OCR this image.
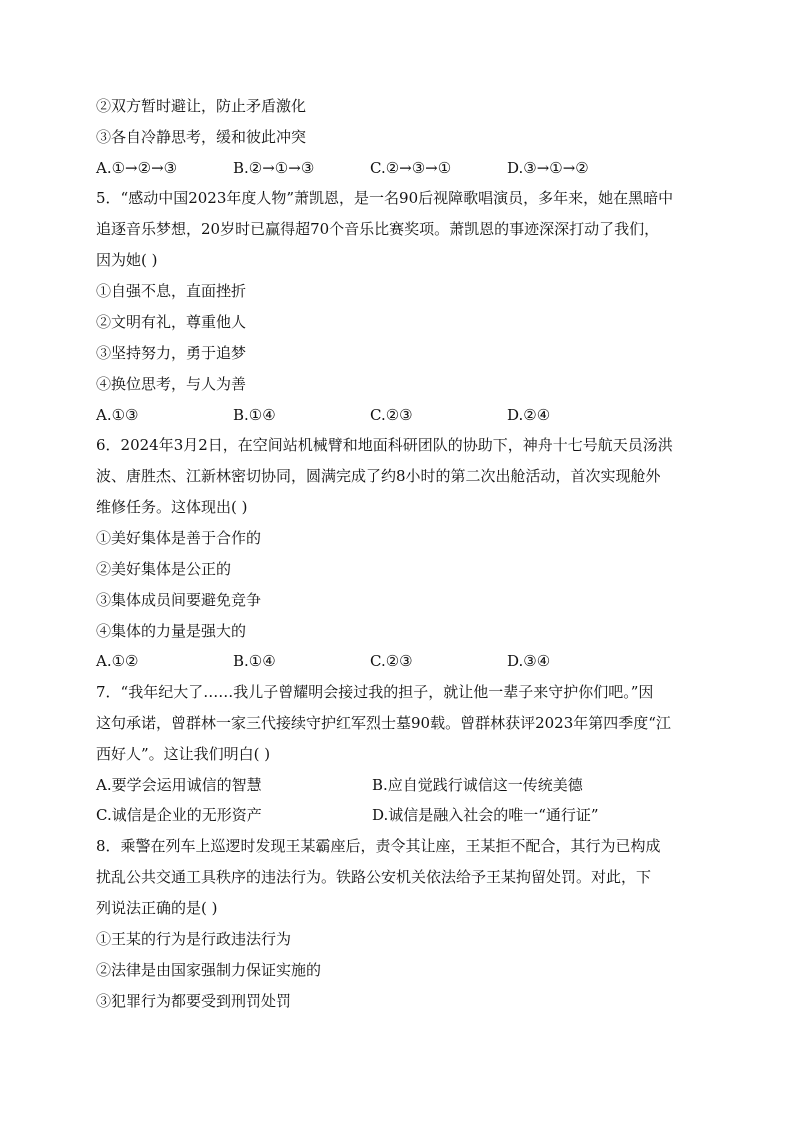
②双方暂时避让，防止矛盾激化
③各自冷静思考，缓和彼此冲突
A.①→②→③	B.②→①→③	C.②→③→①	D.③→①→②
5．“感动中国2023年度人物”萧凯恩，是一名90后视障歌唱演员，多年来，她在黑暗中
追逐音乐梦想，20岁时已赢得超70个音乐比赛奖项。萧凯恩的事迹深深打动了我们，
因为她( )
①自强不息，直面挫折
②文明有礼，尊重他人
③坚持努力，勇于追梦
④换位思考，与人为善
A.①③	B.①④	C.②③	D.②④
6．2024年3月2日，在空间站机械臂和地面科研团队的协助下，神舟十七号航天员汤洪
波、唐胜杰、江新林密切协同，圆满完成了约8小时的第二次出舱活动，首次实现舱外
维修任务。这体现出( )
①美好集体是善于合作的
②美好集体是公正的
③集体成员间要避免竞争
④集体的力量是强大的
A.①②	B.①④	C.②③	D.③④
7．“我年纪大了……我儿子曾耀明会接过我的担子，就让他一辈子来守护你们吧。”因
这句承诺，曾群林一家三代接续守护红军烈士墓90载。曾群林获评2023年第四季度“江
西好人”。这让我们明白( )
A.要学会运用诚信的智慧	B.应自觉践行诚信这一传统美德
C.诚信是企业的无形资产	D.诚信是融入社会的唯一“通行证”
8．乘警在列车上巡逻时发现王某霸座后，责令其让座，王某拒不配合，其行为已构成
扰乱公共交通工具秩序的违法行为。铁路公安机关依法给予王某拘留处罚。对此，下
列说法正确的是( )
①王某的行为是行政违法行为
②法律是由国家强制力保证实施的
③犯罪行为都要受到刑罚处罚
